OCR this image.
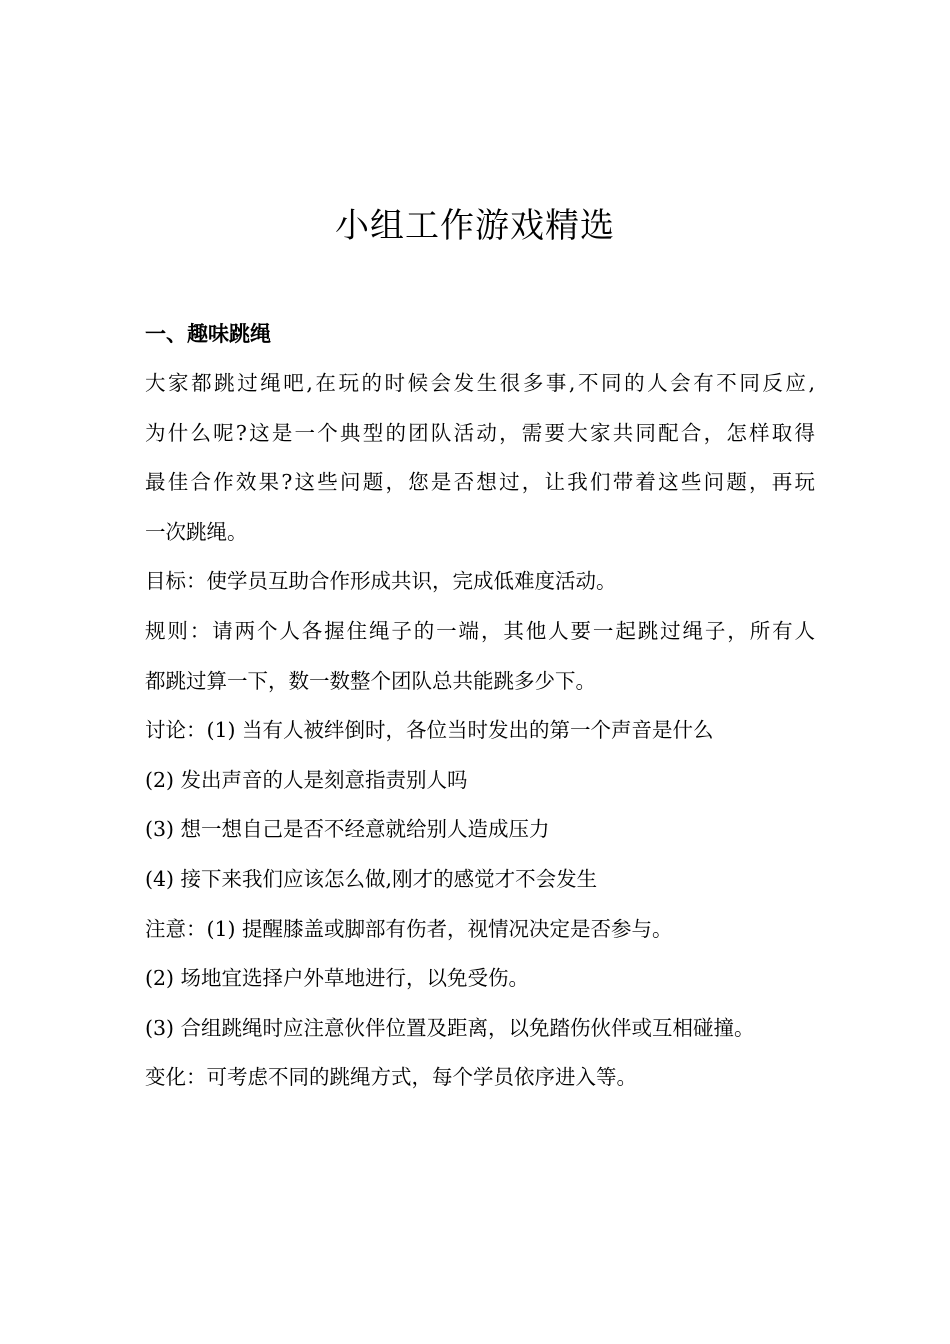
小组工作游戏精选
一、趣味跳绳

大家都跳过绳吧,在玩的时候会发生很多事,不同的人会有不同反应,
为什么呢?这是一个典型的团队活动，需要大家共同配合，怎样取得
最佳合作效果?这些问题，您是否想过，让我们带着这些问题，再玩
一次跳绳。

目标：使学员互助合作形成共识，完成低难度活动。

规则：请两个人各握住绳子的一端，其他人要一起跳过绳子，所有人
都跳过算一下，数一数整个团队总共能跳多少下。

讨论：(1) 当有人被绊倒时，各位当时发出的第一个声音是什么
(2) 发出声音的人是刻意指责别人吗
(3) 想一想自己是否不经意就给别人造成压力
(4) 接下来我们应该怎么做,刚才的感觉才不会发生
注意：(1) 提醒膝盖或脚部有伤者，视情况决定是否参与。
(2) 场地宜选择户外草地进行，以免受伤。
(3) 合组跳绳时应注意伙伴位置及距离，以免踏伤伙伴或互相碰撞。
变化：可考虑不同的跳绳方式，每个学员依序进入等。
